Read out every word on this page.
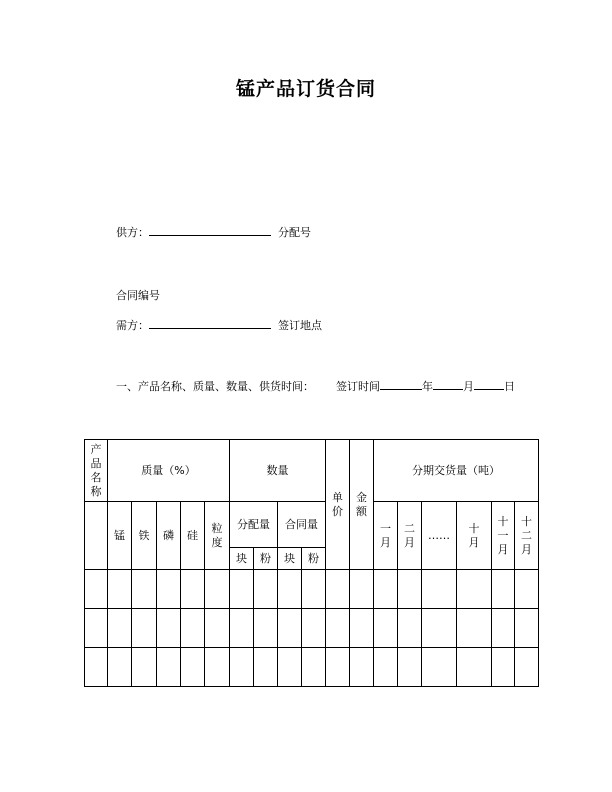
锰产品订货合同
供方：	分配号
合同编号
需方：	签订地点
一、产品名称、质量、数量、供货时间： 签订时间	年	月	日
产品名称	质量（%）					数量				单价	金额	分期交货量（吨）					
	锰	铁	磷	硅	粒度	分配量		合同量				一月	二月	……	十月	十一月	十二月
						块	粉	块	粉								
